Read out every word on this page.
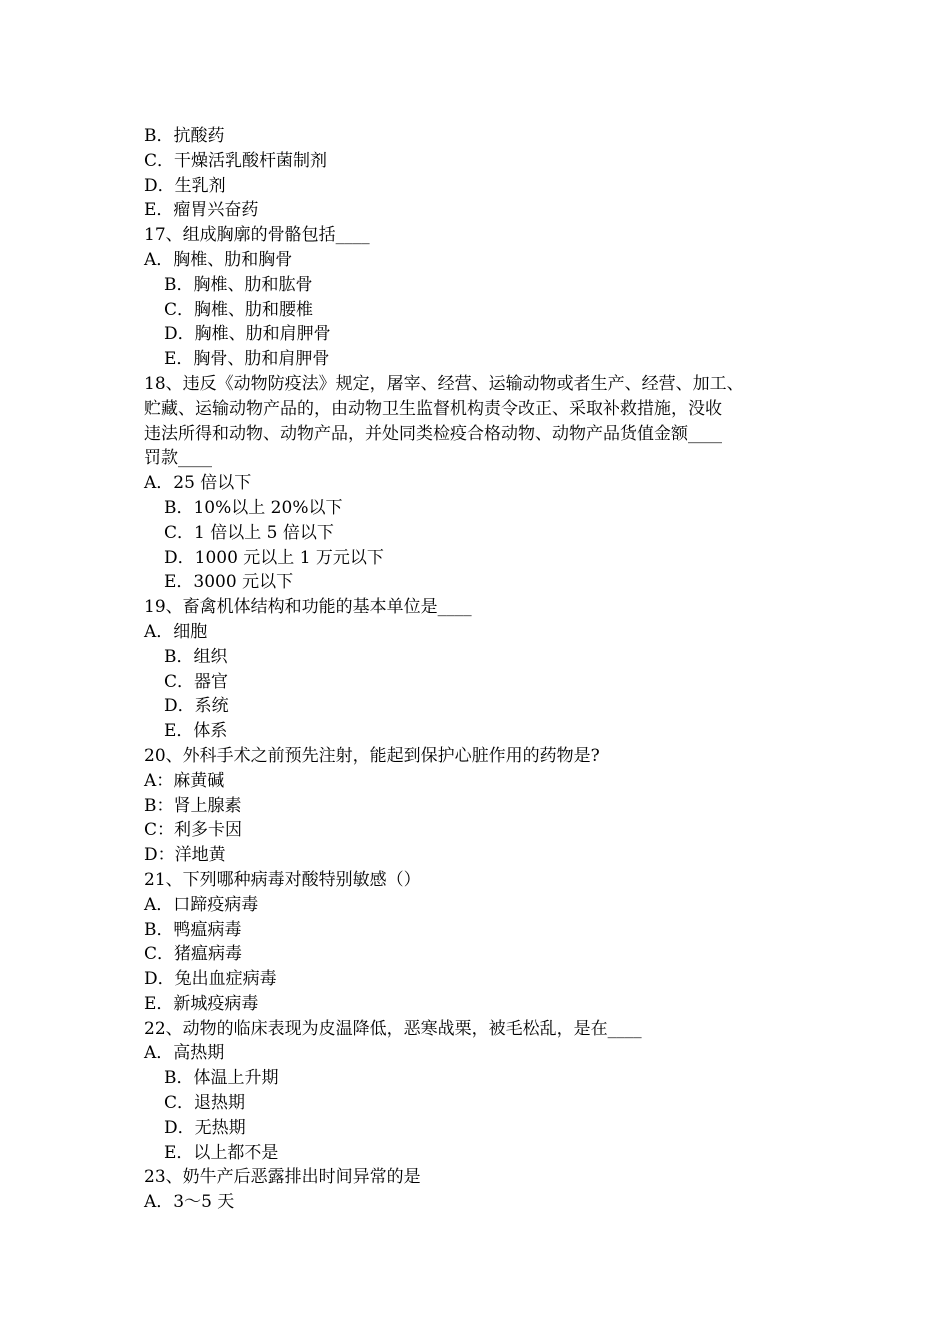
B．抗酸药
C．干燥活乳酸杆菌制剂
D．生乳剂
E．瘤胃兴奋药
17、组成胸廓的骨骼包括____
A．胸椎、肋和胸骨
B．胸椎、肋和肱骨
C．胸椎、肋和腰椎
D．胸椎、肋和肩胛骨
E．胸骨、肋和肩胛骨
18、违反《动物防疫法》规定，屠宰、经营、运输动物或者生产、经营、加工、
贮藏、运输动物产品的，由动物卫生监督机构责令改正、采取补救措施，没收
违法所得和动物、动物产品，并处同类检疫合格动物、动物产品货值金额____
罚款____
A．25 倍以下
B．10%以上 20%以下
C．1 倍以上 5 倍以下
D．1000 元以上 1 万元以下
E．3000 元以下
19、畜禽机体结构和功能的基本单位是____
A．细胞
B．组织
C．器官
D．系统
E．体系
20、外科手术之前预先注射，能起到保护心脏作用的药物是?
A：麻黄碱
B：肾上腺素
C：利多卡因
D：洋地黄
21、下列哪种病毒对酸特别敏感（）
A．口蹄疫病毒
B．鸭瘟病毒
C．猪瘟病毒
D．兔出血症病毒
E．新城疫病毒
22、动物的临床表现为皮温降低，恶寒战栗，被毛松乱，是在____
A．高热期
B．体温上升期
C．退热期
D．无热期
E．以上都不是
23、奶牛产后恶露排出时间异常的是
A．3～5 天
